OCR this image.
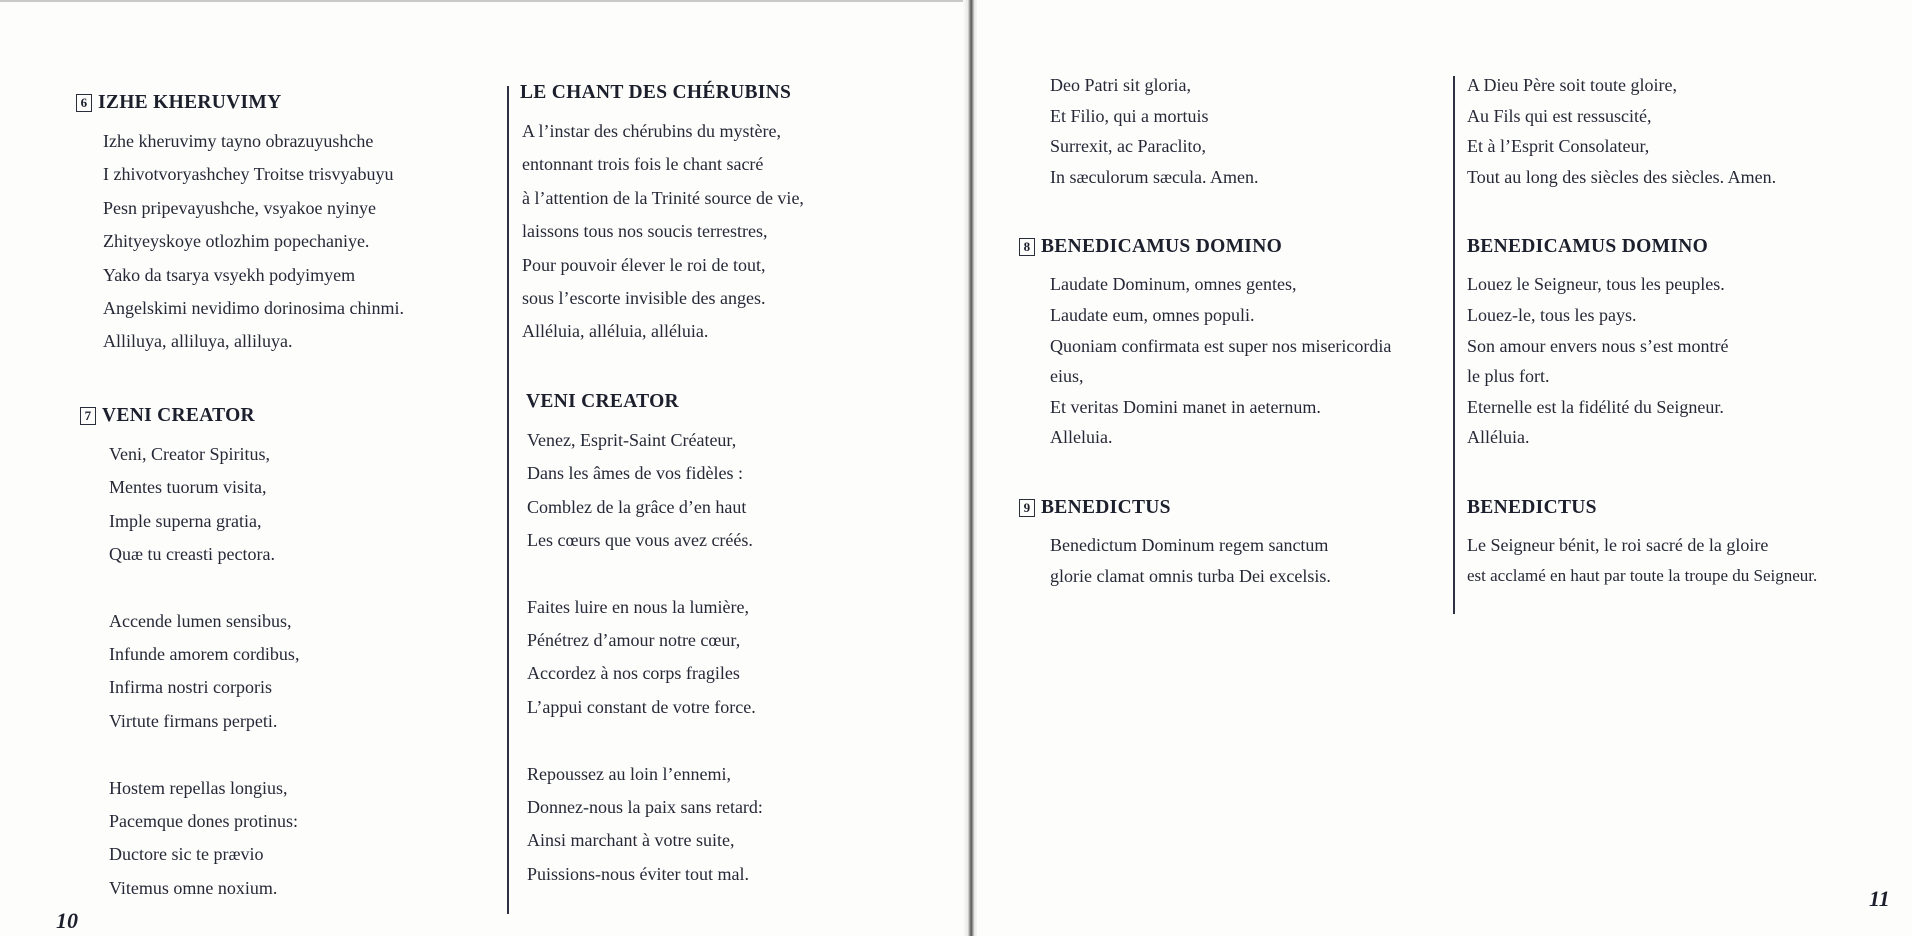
6 IZHE KHERUVIMY
Izhe kheruvimy tayno obrazuyushche
I zhivotvoryashchey Troitse trisvyabuyu
Pesn pripevayushche, vsyakoe nyinye
Zhityeyskoye otlozhim popechaniye.
Yako da tsarya vsyekh podyimyem
Angelskimi nevidimo dorinosima chinmi.
Alliluya, alliluya, alliluya.
7 VENI CREATOR
Veni, Creator Spiritus,
Mentes tuorum visita,
Imple superna gratia,
Quæ tu creasti pectora.
Accende lumen sensibus,
Infunde amorem cordibus,
Infirma nostri corporis
Virtute firmans perpeti.
Hostem repellas longius,
Pacemque dones protinus:
Ductore sic te prævio
Vitemus omne noxium.
LE CHANT DES CHÉRUBINS
A l’instar des chérubins du mystère,
entonnant trois fois le chant sacré
à l’attention de la Trinité source de vie,
laissons tous nos soucis terrestres,
Pour pouvoir élever le roi de tout,
sous l’escorte invisible des anges.
Alléluia, alléluia, alléluia.
VENI CREATOR
Venez, Esprit-Saint Créateur,
Dans les âmes de vos fidèles :
Comblez de la grâce d’en haut
Les cœurs que vous avez créés.
Faites luire en nous la lumière,
Pénétrez d’amour notre cœur,
Accordez à nos corps fragiles
L’appui constant de votre force.
Repoussez au loin l’ennemi,
Donnez-nous la paix sans retard:
Ainsi marchant à votre suite,
Puissions-nous éviter tout mal.
10
Deo Patri sit gloria,
Et Filio, qui a mortuis
Surrexit, ac Paraclito,
In sæculorum sæcula. Amen.
8 BENEDICAMUS DOMINO
Laudate Dominum, omnes gentes,
Laudate eum, omnes populi.
Quoniam confirmata est super nos misericordia
eius,
Et veritas Domini manet in aeternum.
Alleluia.
9 BENEDICTUS
Benedictum Dominum regem sanctum
glorie clamat omnis turba Dei excelsis.
A Dieu Père soit toute gloire,
Au Fils qui est ressuscité,
Et à l’Esprit Consolateur,
Tout au long des siècles des siècles. Amen.
BENEDICAMUS DOMINO
Louez le Seigneur, tous les peuples.
Louez-le, tous les pays.
Son amour envers nous s’est montré
le plus fort.
Eternelle est la fidélité du Seigneur.
Alléluia.
BENEDICTUS
Le Seigneur bénit, le roi sacré de la gloire
est acclamé en haut par toute la troupe du Seigneur.
11
